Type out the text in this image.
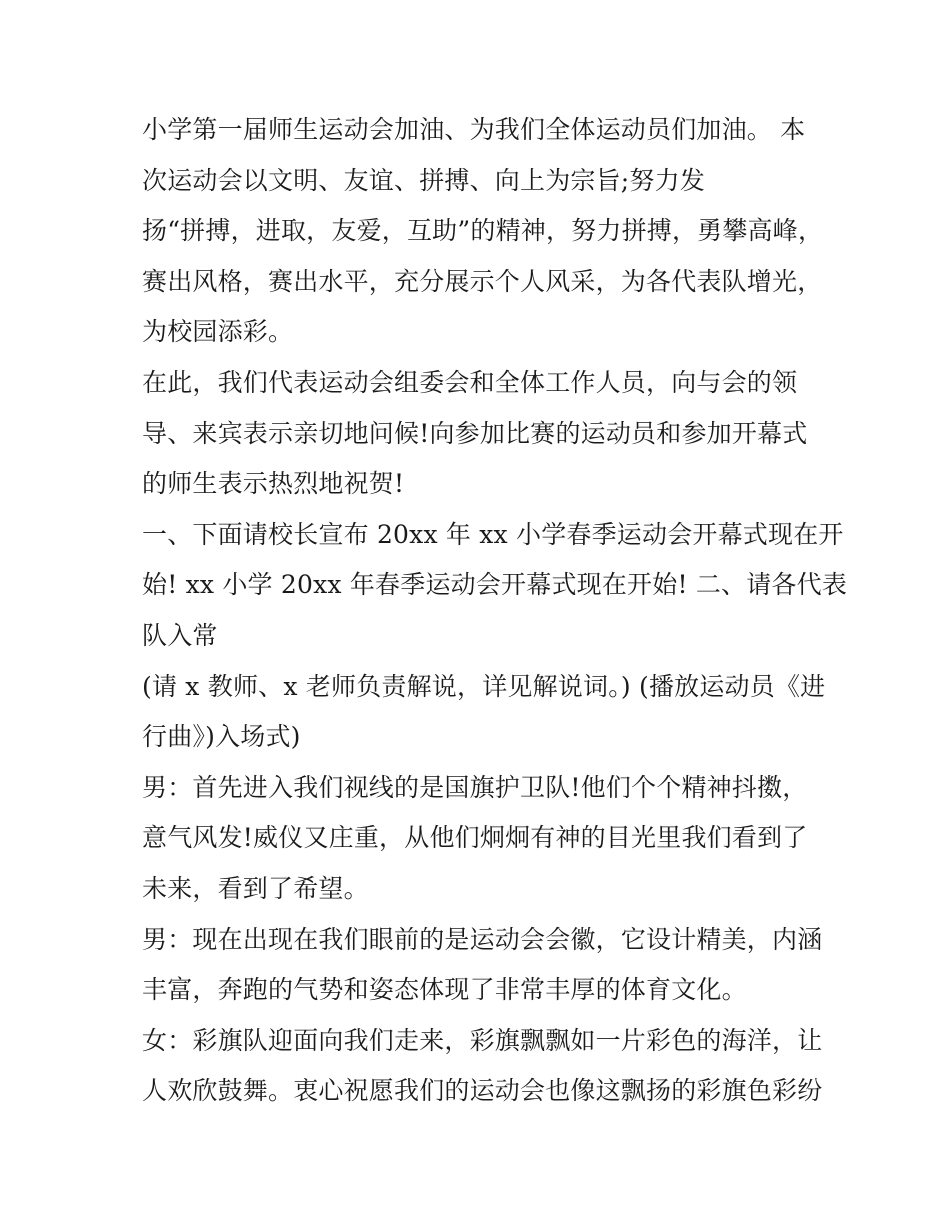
小学第一届师生运动会加油、为我们全体运动员们加油。 本
次运动会以文明、友谊、拼搏、向上为宗旨;努力发
扬“拼搏，进取，友爱，互助”的精神，努力拼搏，勇攀高峰，
赛出风格，赛出水平，充分展示个人风采，为各代表队增光，
为校园添彩。
在此，我们代表运动会组委会和全体工作人员，向与会的领
导、来宾表示亲切地问候!向参加比赛的运动员和参加开幕式
的师生表示热烈地祝贺!
一、下面请校长宣布 20xx 年 xx 小学春季运动会开幕式现在开
始! xx 小学 20xx 年春季运动会开幕式现在开始! 二、请各代表
队入常
(请 x 教师、x 老师负责解说，详见解说词。) (播放运动员《进
行曲》)入场式)
男：首先进入我们视线的是国旗护卫队!他们个个精神抖擞，
意气风发!威仪又庄重，从他们炯炯有神的目光里我们看到了
未来，看到了希望。
男：现在出现在我们眼前的是运动会会徽，它设计精美，内涵
丰富，奔跑的气势和姿态体现了非常丰厚的体育文化。
女：彩旗队迎面向我们走来，彩旗飘飘如一片彩色的海洋，让
人欢欣鼓舞。衷心祝愿我们的运动会也像这飘扬的彩旗色彩纷
